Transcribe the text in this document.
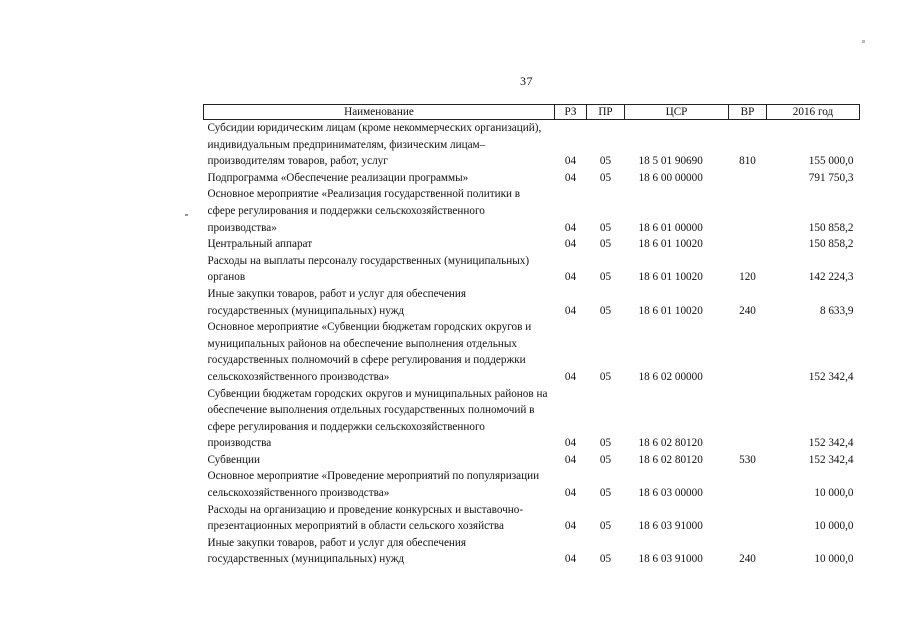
37
Наименование	РЗ	ПР	ЦСР	ВР	2016 год
Субсидии юридическим лицам (кроме некоммерческих организаций), индивидуальным предпринимателям, физическим лицам–производителям товаров, работ, услуг	04	05	18 5 01 90690	810	155 000,0
Подпрограмма «Обеспечение реализации программы»	04	05	18 6 00 00000		791 750,3
Основное мероприятие «Реализация государственной политики в сфере регулирования и поддержки сельскохозяйственного производства»	04	05	18 6 01 00000		150 858,2
Центральный аппарат	04	05	18 6 01 10020		150 858,2
Расходы на выплаты персоналу государственных (муниципальных) органов	04	05	18 6 01 10020	120	142 224,3
Иные закупки товаров, работ и услуг для обеспечения государственных (муниципальных) нужд	04	05	18 6 01 10020	240	8 633,9
Основное мероприятие «Субвенции бюджетам городских округов и муниципальных районов на обеспечение выполнения отдельных государственных полномочий в сфере регулирования и поддержки сельскохозяйственного производства»	04	05	18 6 02 00000		152 342,4
Субвенции бюджетам городских округов и муниципальных районов на обеспечение выполнения отдельных государственных полномочий в сфере регулирования и поддержки сельскохозяйственного производства	04	05	18 6 02 80120		152 342,4
Субвенции	04	05	18 6 02 80120	530	152 342,4
Основное мероприятие «Проведение мероприятий по популяризации сельскохозяйственного производства»	04	05	18 6 03 00000		10 000,0
Расходы на организацию и проведение конкурсных и выставочно-презентационных мероприятий в области сельского хозяйства	04	05	18 6 03 91000		10 000,0
Иные закупки товаров, работ и услуг для обеспечения государственных (муниципальных) нужд	04	05	18 6 03 91000	240	10 000,0
